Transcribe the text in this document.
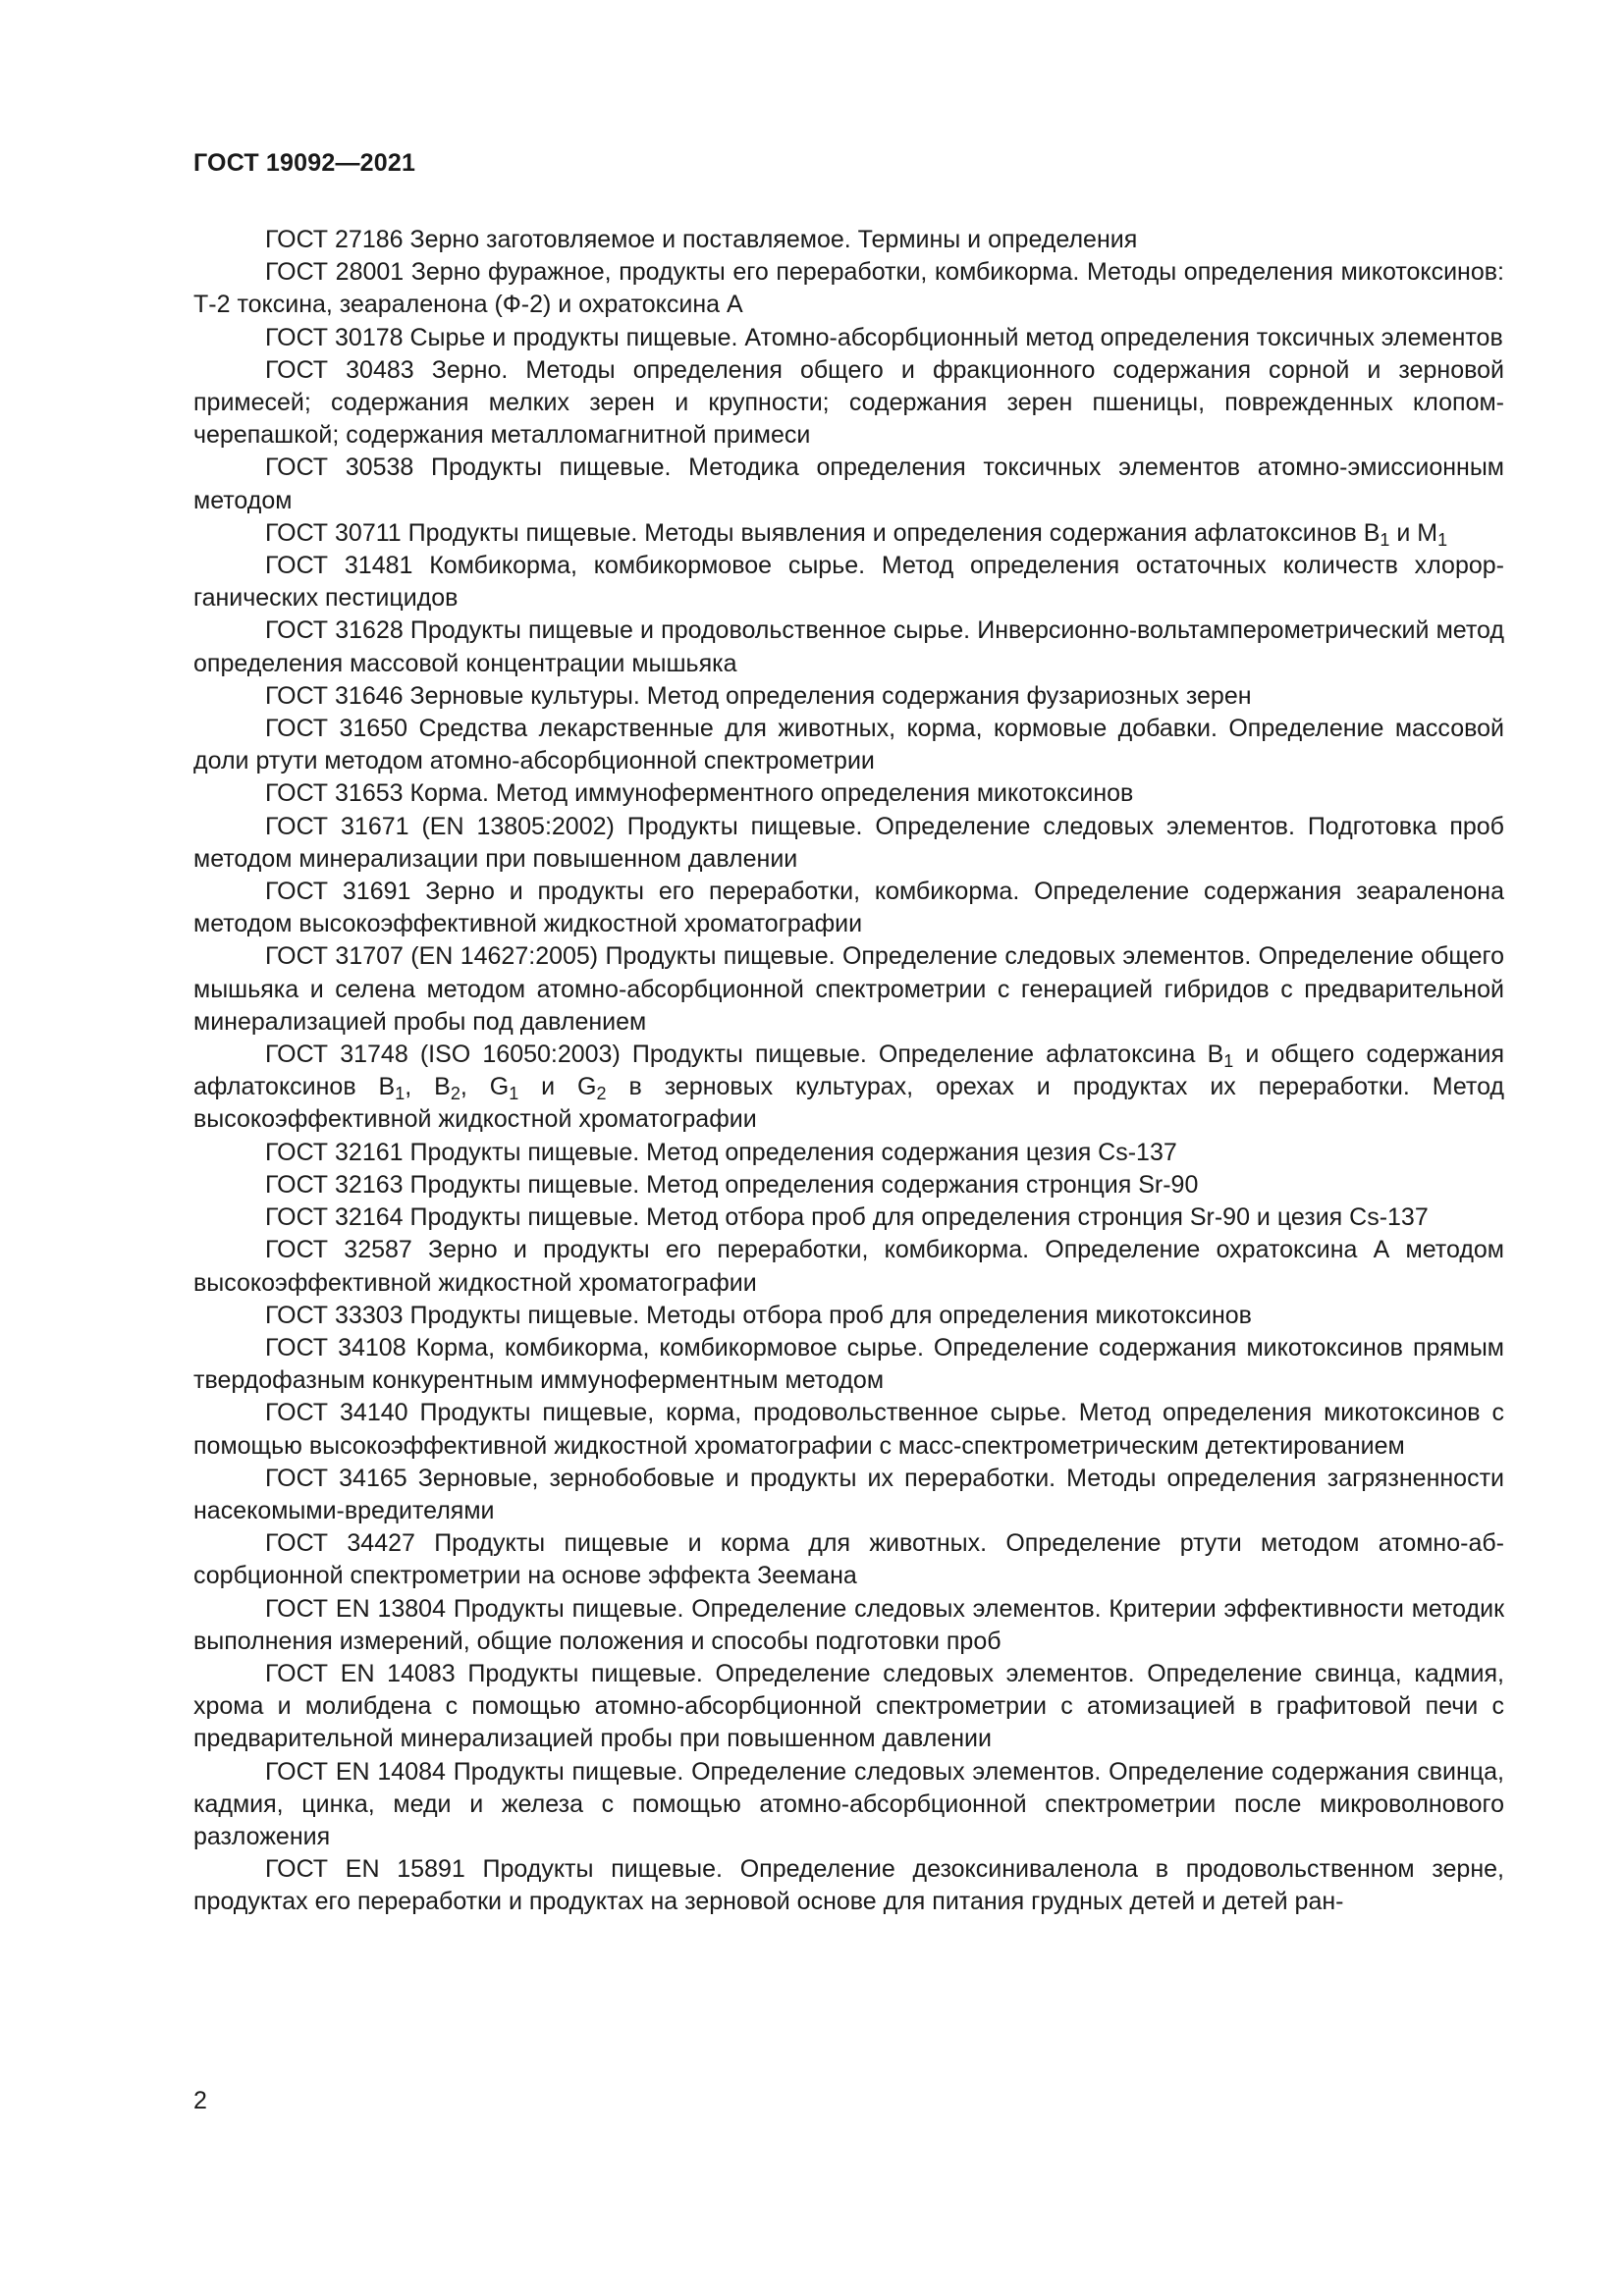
ГОСТ 19092—2021

ГОСТ 27186 Зерно заготовляемое и поставляемое. Термины и определения

ГОСТ 28001 Зерно фуражное, продукты его переработки, комбикорма. Методы определения микотоксинов: Т-2 токсина, зеараленона (Ф-2) и охратоксина А

ГОСТ 30178 Сырье и продукты пищевые. Атомно-абсорбционный метод определения токсичных элементов

ГОСТ 30483 Зерно. Методы определения общего и фракционного содержания сорной и зерновой примесей; содержания мелких зерен и крупности; содержания зерен пшеницы, поврежденных клопом-черепашкой; содержания металломагнитной примеси

ГОСТ 30538 Продукты пищевые. Методика определения токсичных элементов атомно-эмиссионным методом

ГОСТ 30711 Продукты пищевые. Методы выявления и определения содержания афлатоксинов $В_1$ и $М_1$

ГОСТ 31481 Комбикорма, комбикормовое сырье. Метод определения остаточных количеств хлорорганических пестицидов

ГОСТ 31628 Продукты пищевые и продовольственное сырье. Инверсионно-вольтамперометрический метод определения массовой концентрации мышьяка

ГОСТ 31646 Зерновые культуры. Метод определения содержания фузариозных зерен

ГОСТ 31650 Средства лекарственные для животных, корма, кормовые добавки. Определение массовой доли ртути методом атомно-абсорбционной спектрометрии

ГОСТ 31653 Корма. Метод иммуноферментного определения микотоксинов

ГОСТ 31671 (EN 13805:2002) Продукты пищевые. Определение следовых элементов. Подготовка проб методом минерализации при повышенном давлении

ГОСТ 31691 Зерно и продукты его переработки, комбикорма. Определение содержания зеараленона методом высокоэффективной жидкостной хроматографии

ГОСТ 31707 (EN 14627:2005) Продукты пищевые. Определение следовых элементов. Определение общего мышьяка и селена методом атомно-абсорбционной спектрометрии с генерацией гибридов с предварительной минерализацией пробы под давлением

ГОСТ 31748 (ISO 16050:2003) Продукты пищевые. Определение афлатоксина $В_1$ и общего содержания афлатоксинов $В_1$, $В_2$, $G_1$ и $G_2$ в зерновых культурах, орехах и продуктах их переработки. Метод высокоэффективной жидкостной хроматографии

ГОСТ 32161 Продукты пищевые. Метод определения содержания цезия Cs-137

ГОСТ 32163 Продукты пищевые. Метод определения содержания стронция Sr-90

ГОСТ 32164 Продукты пищевые. Метод отбора проб для определения стронция Sr-90 и цезия Cs-137

ГОСТ 32587 Зерно и продукты его переработки, комбикорма. Определение охратоксина А методом высокоэффективной жидкостной хроматографии

ГОСТ 33303 Продукты пищевые. Методы отбора проб для определения микотоксинов

ГОСТ 34108 Корма, комбикорма, комбикормовое сырье. Определение содержания микотоксинов прямым твердофазным конкурентным иммуноферментным методом

ГОСТ 34140 Продукты пищевые, корма, продовольственное сырье. Метод определения микотоксинов с помощью высокоэффективной жидкостной хроматографии с масс-спектрометрическим детектированием

ГОСТ 34165 Зерновые, зернобобовые и продукты их переработки. Методы определения загрязненности насекомыми-вредителями

ГОСТ 34427 Продукты пищевые и корма для животных. Определение ртути методом атомно-абсорбционной спектрометрии на основе эффекта Зеемана

ГОСТ EN 13804 Продукты пищевые. Определение следовых элементов. Критерии эффективности методик выполнения измерений, общие положения и способы подготовки проб

ГОСТ EN 14083 Продукты пищевые. Определение следовых элементов. Определение свинца, кадмия, хрома и молибдена с помощью атомно-абсорбционной спектрометрии с атомизацией в графитовой печи с предварительной минерализацией пробы при повышенном давлении

ГОСТ EN 14084 Продукты пищевые. Определение следовых элементов. Определение содержания свинца, кадмия, цинка, меди и железа с помощью атомно-абсорбционной спектрометрии после микроволнового разложения

ГОСТ EN 15891 Продукты пищевые. Определение дезоксиниваленола в продовольственном зерне, продуктах его переработки и продуктах на зерновой основе для питания грудных детей и детей ран-

2
